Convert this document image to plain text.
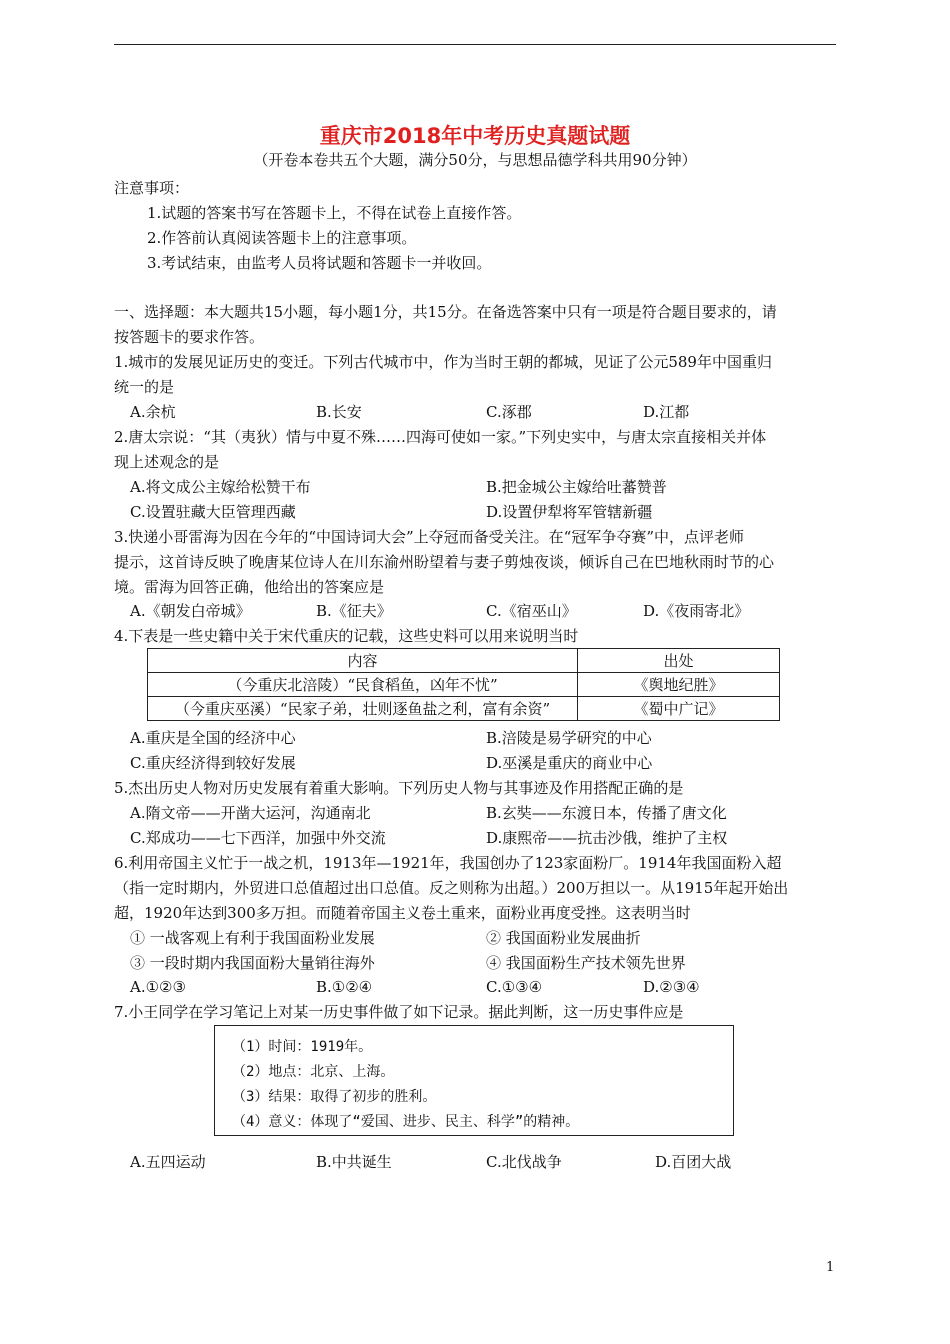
重庆市2018年中考历史真题试题
（开卷本卷共五个大题，满分50分，与思想品德学科共用90分钟）
注意事项：
1.试题的答案书写在答题卡上，不得在试卷上直接作答。
2.作答前认真阅读答题卡上的注意事项。
3.考试结束，由监考人员将试题和答题卡一并收回。
一、选择题：本大题共15小题，每小题1分，共15分。在备选答案中只有一项是符合题目要求的，请
按答题卡的要求作答。
1.城市的发展见证历史的变迁。下列古代城市中，作为当时王朝的都城，见证了公元589年中国重归
统一的是
A.余杭	B.长安	C.涿郡	D.江都
2.唐太宗说：“其（夷狄）情与中夏不殊……四海可使如一家。”下列史实中，与唐太宗直接相关并体
现上述观念的是
A.将文成公主嫁给松赞干布	B.把金城公主嫁给吐蕃赞普
C.设置驻藏大臣管理西藏	D.设置伊犁将军管辖新疆
3.快递小哥雷海为因在今年的“中国诗词大会”上夺冠而备受关注。在“冠军争夺赛”中，点评老师
提示，这首诗反映了晚唐某位诗人在川东渝州盼望着与妻子剪烛夜谈，倾诉自己在巴地秋雨时节的心
境。雷海为回答正确，他给出的答案应是
A.《朝发白帝城》	B.《征夫》	C.《宿巫山》	D.《夜雨寄北》
4.下表是一些史籍中关于宋代重庆的记载，这些史料可以用来说明当时
内容	出处
（今重庆北涪陵）“民食稻鱼，凶年不忧”	《舆地纪胜》
（今重庆巫溪）“民家子弟，壮则逐鱼盐之利，富有余资”	《蜀中广记》
A.重庆是全国的经济中心	B.涪陵是易学研究的中心
C.重庆经济得到较好发展	D.巫溪是重庆的商业中心
5.杰出历史人物对历史发展有着重大影响。下列历史人物与其事迹及作用搭配正确的是
A.隋文帝——开凿大运河，沟通南北	B.玄奘——东渡日本，传播了唐文化
C.郑成功——七下西洋，加强中外交流	D.康熙帝——抗击沙俄，维护了主权
6.利用帝国主义忙于一战之机，1913年—1921年，我国创办了123家面粉厂。1914年我国面粉入超
（指一定时期内，外贸进口总值超过出口总值。反之则称为出超。）200万担以一。从1915年起开始出
超，1920年达到300多万担。而随着帝国主义卷土重来，面粉业再度受挫。这表明当时
① 一战客观上有利于我国面粉业发展	② 我国面粉业发展曲折
③ 一段时期内我国面粉大量销往海外	④ 我国面粉生产技术领先世界
A.①②③	B.①②④	C.①③④	D.②③④
7.小王同学在学习笔记上对某一历史事件做了如下记录。据此判断，这一历史事件应是
（1）时间：1919年。
（2）地点：北京、上海。
（3）结果：取得了初步的胜利。
（4）意义：体现了“爱国、进步、民主、科学”的精神。
A.五四运动	B.中共诞生	C.北伐战争	D.百团大战
1
